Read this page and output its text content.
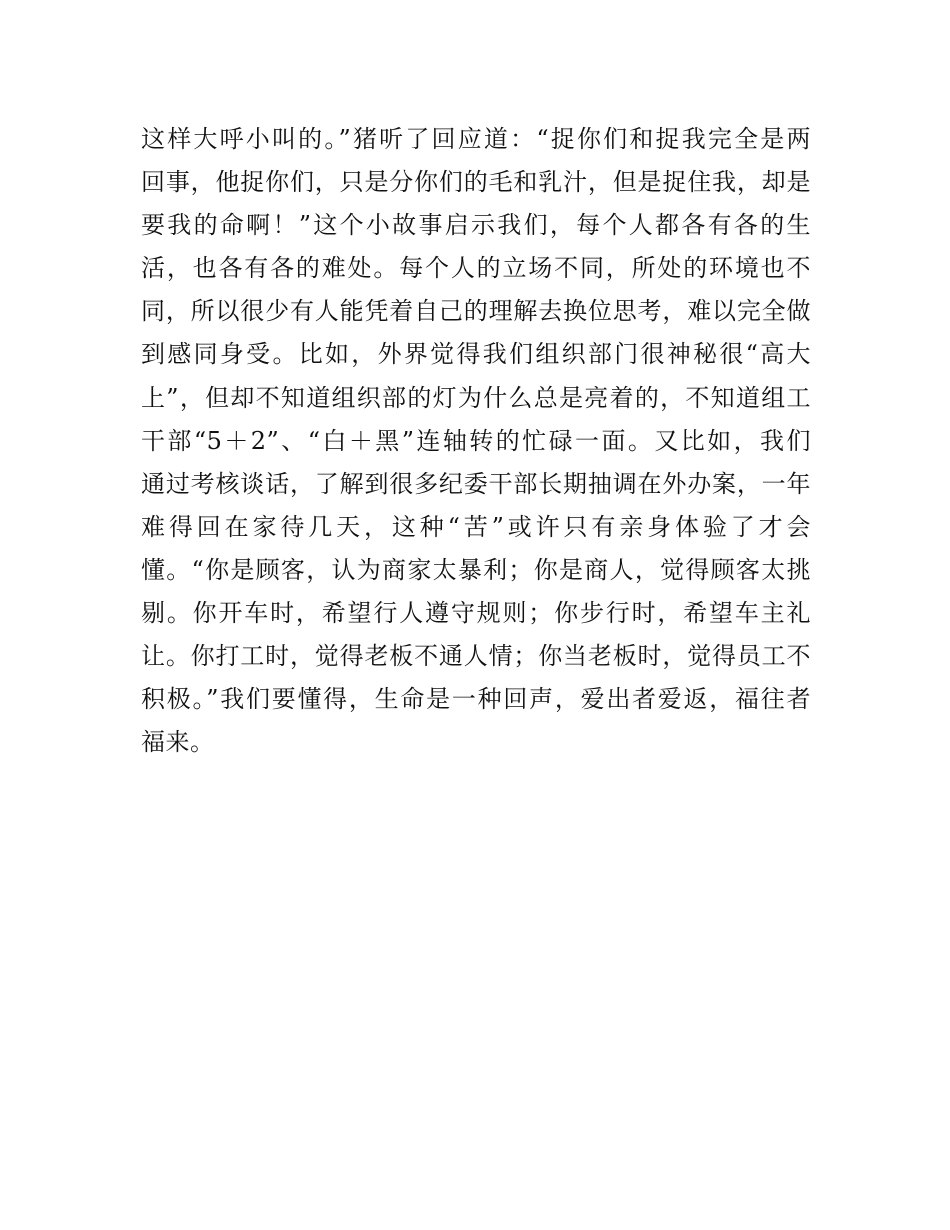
这样大呼小叫的。”猪听了回应道：“捉你们和捉我完全是两
回事，他捉你们，只是分你们的毛和乳汁，但是捉住我，却是
要我的命啊！”这个小故事启示我们，每个人都各有各的生
活，也各有各的难处。每个人的立场不同，所处的环境也不
同，所以很少有人能凭着自己的理解去换位思考，难以完全做
到感同身受。比如，外界觉得我们组织部门很神秘很“高大
上”，但却不知道组织部的灯为什么总是亮着的，不知道组工
干部“5＋2”、“白＋黑”连轴转的忙碌一面。又比如，我们
通过考核谈话，了解到很多纪委干部长期抽调在外办案，一年
难得回在家待几天，这种“苦”或许只有亲身体验了才会
懂。“你是顾客，认为商家太暴利；你是商人，觉得顾客太挑
剔。你开车时，希望行人遵守规则；你步行时，希望车主礼
让。你打工时，觉得老板不通人情；你当老板时，觉得员工不
积极。”我们要懂得，生命是一种回声，爱出者爱返，福往者
福来。
